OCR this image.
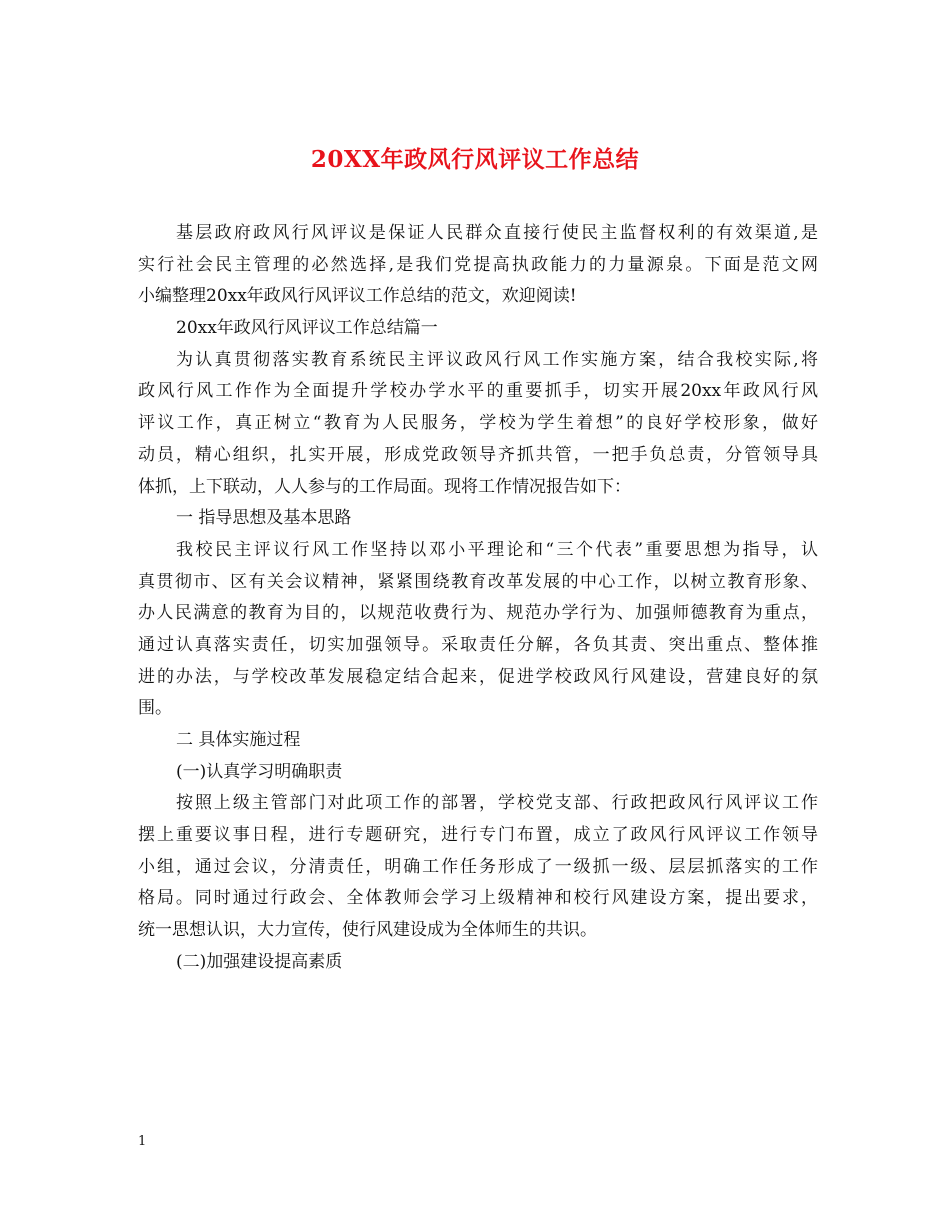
20XX年政风行风评议工作总结

基层政府政风行风评议是保证人民群众直接行使民主监督权利的有效渠道,是

实行社会民主管理的必然选择,是我们党提高执政能力的力量源泉。下面是范文网

小编整理20xx年政风行风评议工作总结的范文，欢迎阅读!

20xx年政风行风评议工作总结篇一

为认真贯彻落实教育系统民主评议政风行风工作实施方案，结合我校实际,将

政风行风工作作为全面提升学校办学水平的重要抓手，切实开展20xx年政风行风

评议工作，真正树立“教育为人民服务，学校为学生着想”的良好学校形象，做好

动员，精心组织，扎实开展，形成党政领导齐抓共管，一把手负总责，分管领导具

体抓，上下联动，人人参与的工作局面。现将工作情况报告如下：

一 指导思想及基本思路

我校民主评议行风工作坚持以邓小平理论和“三个代表”重要思想为指导，认

真贯彻市、区有关会议精神，紧紧围绕教育改革发展的中心工作，以树立教育形象、

办人民满意的教育为目的，以规范收费行为、规范办学行为、加强师德教育为重点，

通过认真落实责任，切实加强领导。采取责任分解，各负其责、突出重点、整体推

进的办法，与学校改革发展稳定结合起来，促进学校政风行风建设，营建良好的氛

围。

二 具体实施过程

(一)认真学习明确职责

按照上级主管部门对此项工作的部署，学校党支部、行政把政风行风评议工作

摆上重要议事日程，进行专题研究，进行专门布置，成立了政风行风评议工作领导

小组，通过会议，分清责任，明确工作任务形成了一级抓一级、层层抓落实的工作

格局。同时通过行政会、全体教师会学习上级精神和校行风建设方案，提出要求，

统一思想认识，大力宣传，使行风建设成为全体师生的共识。

(二)加强建设提高素质

1
